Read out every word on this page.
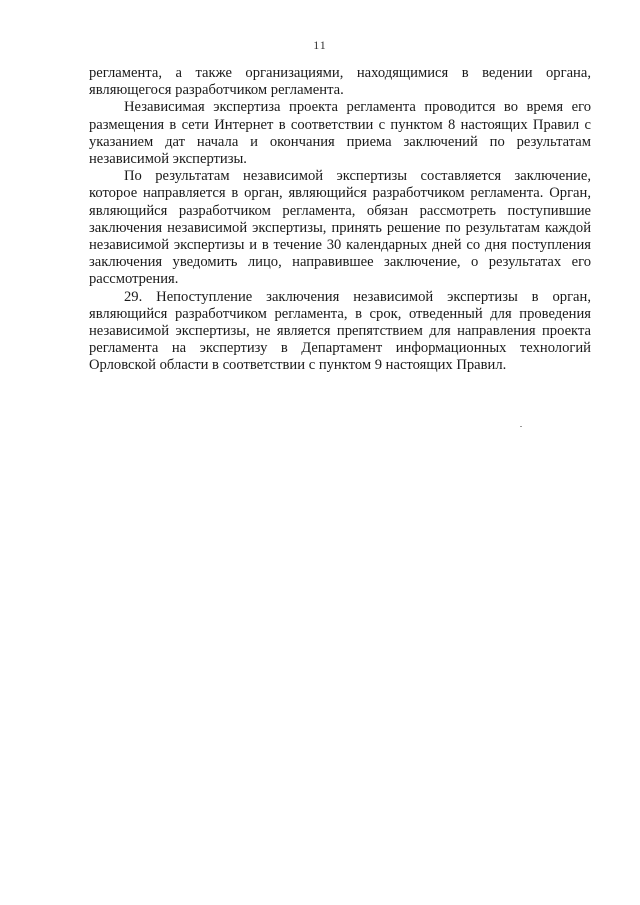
11

регламента, а также организациями, находящимися в ведении органа, являющегося разработчиком регламента.

Независимая экспертиза проекта регламента проводится во время его размещения в сети Интернет в соответствии с пунктом 8 настоящих Правил с указанием дат начала и окончания приема заключений по результатам независимой экспертизы.

По результатам независимой экспертизы составляется заключение, которое направляется в орган, являющийся разработчиком регламента. Орган, являющийся разработчиком регламента, обязан рассмотреть поступившие заключения независимой экспертизы, принять решение по результатам каждой независимой экспертизы и в течение 30 календарных дней со дня поступления заключения уведомить лицо, направившее заключение, о результатах его рассмотрения.

29. Непоступление заключения независимой экспертизы в орган, являющийся разработчиком регламента, в срок, отведенный для проведения независимой экспертизы, не является препятствием для направления проекта регламента на экспертизу в Департамент информационных технологий Орловской области в соответствии с пунктом 9 настоящих Правил.
